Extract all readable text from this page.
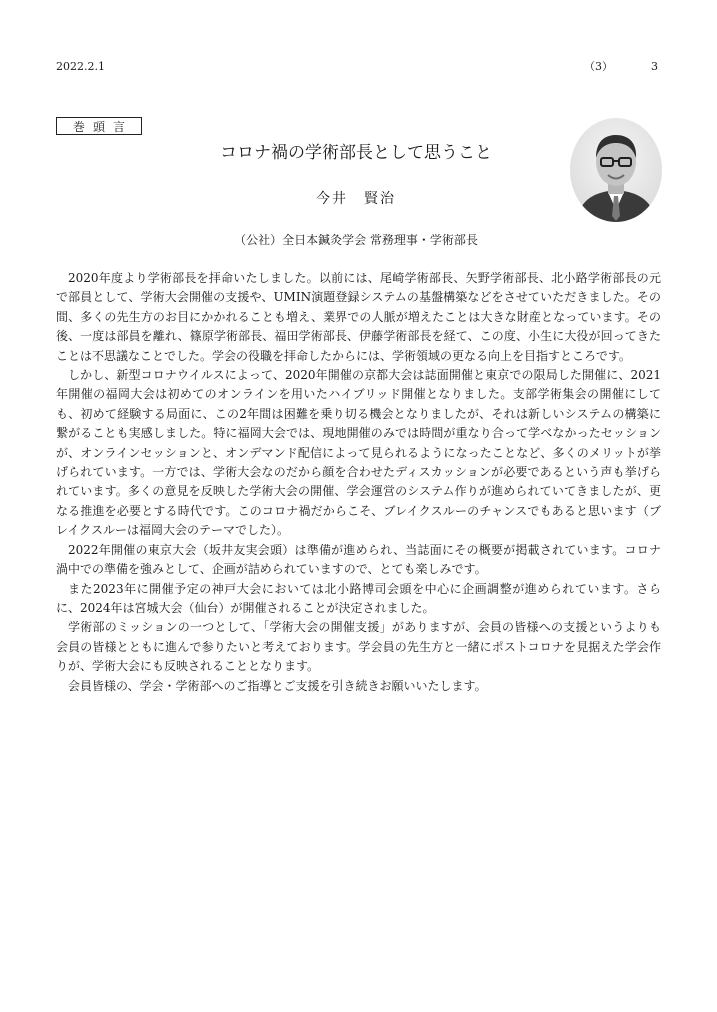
2022.2.1	（3）	3
巻頭言
コロナ禍の学術部長として思うこと
今井　賢治
（公社）全日本鍼灸学会 常務理事・学術部長

2020年度より学術部長を拝命いたしました。以前には、尾崎学術部長、矢野学術部長、北小路学術部長の元で部員として、学術大会開催の支援や、UMIN演題登録システムの基盤構築などをさせていただきました。その間、多くの先生方のお目にかかれることも増え、業界での人脈が増えたことは大きな財産となっています。その後、一度は部員を離れ、篠原学術部長、福田学術部長、伊藤学術部長を経て、この度、小生に大役が回ってきたことは不思議なことでした。学会の役職を拝命したからには、学術領域の更なる向上を目指すところです。

しかし、新型コロナウイルスによって、2020年開催の京都大会は誌面開催と東京での限局した開催に、2021年開催の福岡大会は初めてのオンラインを用いたハイブリッド開催となりました。支部学術集会の開催にしても、初めて経験する局面に、この2年間は困難を乗り切る機会となりましたが、それは新しいシステムの構築に繋がることも実感しました。特に福岡大会では、現地開催のみでは時間が重なり合って学べなかったセッションが、オンラインセッションと、オンデマンド配信によって見られるようになったことなど、多くのメリットが挙げられています。一方では、学術大会なのだから顔を合わせたディスカッションが必要であるという声も挙げられています。多くの意見を反映した学術大会の開催、学会運営のシステム作りが進められていてきましたが、更なる推進を必要とする時代です。このコロナ禍だからこそ、ブレイクスルーのチャンスでもあると思います（ブレイクスルーは福岡大会のテーマでした）。

2022年開催の東京大会（坂井友実会頭）は準備が進められ、当誌面にその概要が掲載されています。コロナ渦中での準備を強みとして、企画が詰められていますので、とても楽しみです。

また2023年に開催予定の神戸大会においては北小路博司会頭を中心に企画調整が進められています。さらに、2024年は宮城大会（仙台）が開催されることが決定されました。

学術部のミッションの一つとして、「学術大会の開催支援」がありますが、会員の皆様への支援というよりも会員の皆様とともに進んで参りたいと考えております。学会員の先生方と一緒にポストコロナを見据えた学会作りが、学術大会にも反映されることとなります。

会員皆様の、学会・学術部へのご指導とご支援を引き続きお願いいたします。
